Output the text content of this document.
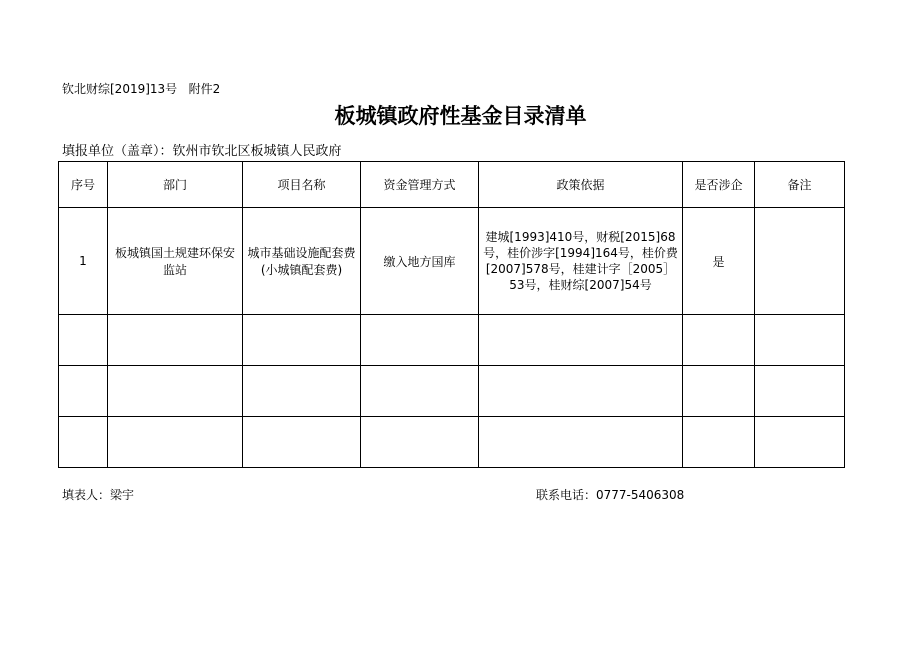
钦北财综[2019]13号   附件2
板城镇政府性基金目录清单
填报单位（盖章）：钦州市钦北区板城镇人民政府
序号	部门	项目名称	资金管理方式	政策依据	是否涉企	备注
1	板城镇国土规建环保安监站	城市基础设施配套费(小城镇配套费)	缴入地方国库	建城[1993]410号，财税[2015]68号，桂价涉字[1994]164号，桂价费[2007]578号，桂建计字［2005］53号，桂财综[2007]54号	是	

填表人：梁宇	联系电话：0777-5406308
